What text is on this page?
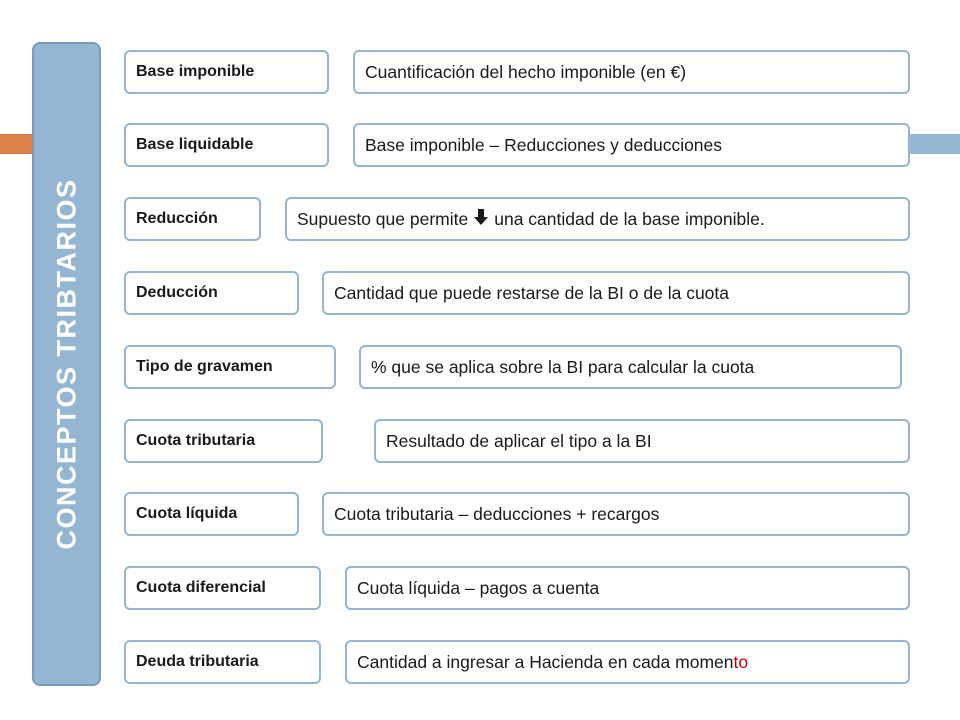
CONCEPTOS TRIBTARIOS
Base imponible	Cuantificación del hecho imponible (en €)
Base liquidable	Base imponible – Reducciones y deducciones
Reducción	Supuesto que permite una cantidad de la base imponible.
Deducción	Cantidad que puede restarse de la BI o de la cuota
Tipo de gravamen	% que se aplica sobre la BI para calcular la cuota
Cuota tributaria	Resultado de aplicar el tipo a la BI
Cuota líquida	Cuota tributaria – deducciones + recargos
Cuota diferencial	Cuota líquida – pagos a cuenta
Deuda tributaria	Cantidad a ingresar a Hacienda en cada momen to
